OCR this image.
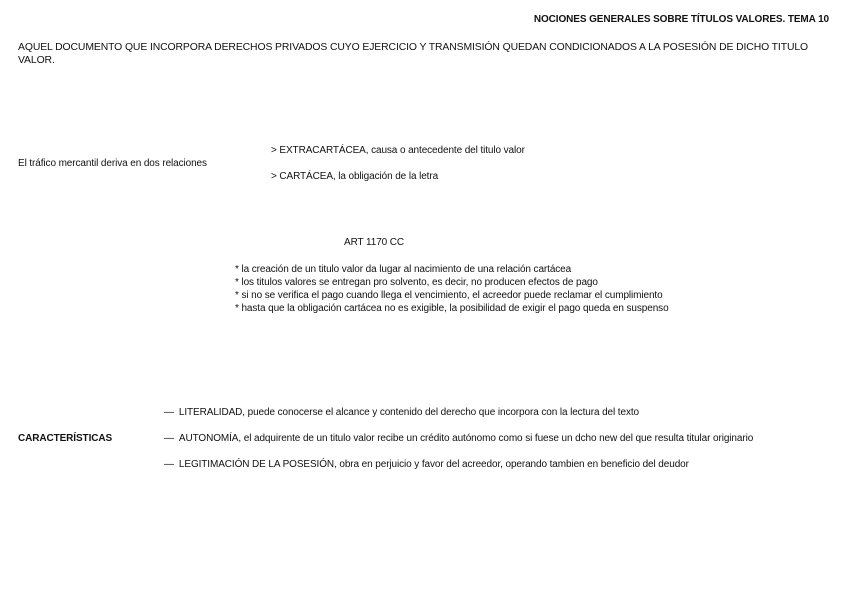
NOCIONES GENERALES SOBRE TÍTULOS VALORES. TEMA 10
AQUEL DOCUMENTO QUE INCORPORA DERECHOS PRIVADOS CUYO EJERCICIO Y TRANSMISIÓN QUEDAN CONDICIONADOS A LA POSESIÓN DE DICHO TITULO VALOR.
El tráfico mercantil deriva en dos relaciones
> EXTRACARTÁCEA, causa o antecedente del titulo valor
> CARTÁCEA, la obligación de la letra
ART 1170 CC
* la creación de un titulo valor da lugar al nacimiento de una relación cartácea
* los titulos valores se entregan pro solvento, es decir, no producen efectos de pago
* si no se verifica el pago cuando llega el vencimiento, el acreedor puede reclamar el cumplimiento
* hasta que la obligación cartácea no es exigible, la posibilidad de exigir el pago queda en suspenso
CARACTERÍSTICAS
— LITERALIDAD, puede conocerse el alcance y contenido del derecho que incorpora con la lectura del texto
— AUTONOMÍA, el adquirente de un titulo valor recibe un crédito autónomo como si fuese un dcho new del que resulta titular originario
— LEGITIMACIÓN DE LA POSESIÓN, obra en perjuicio y favor del acreedor, operando tambien en beneficio del deudor
